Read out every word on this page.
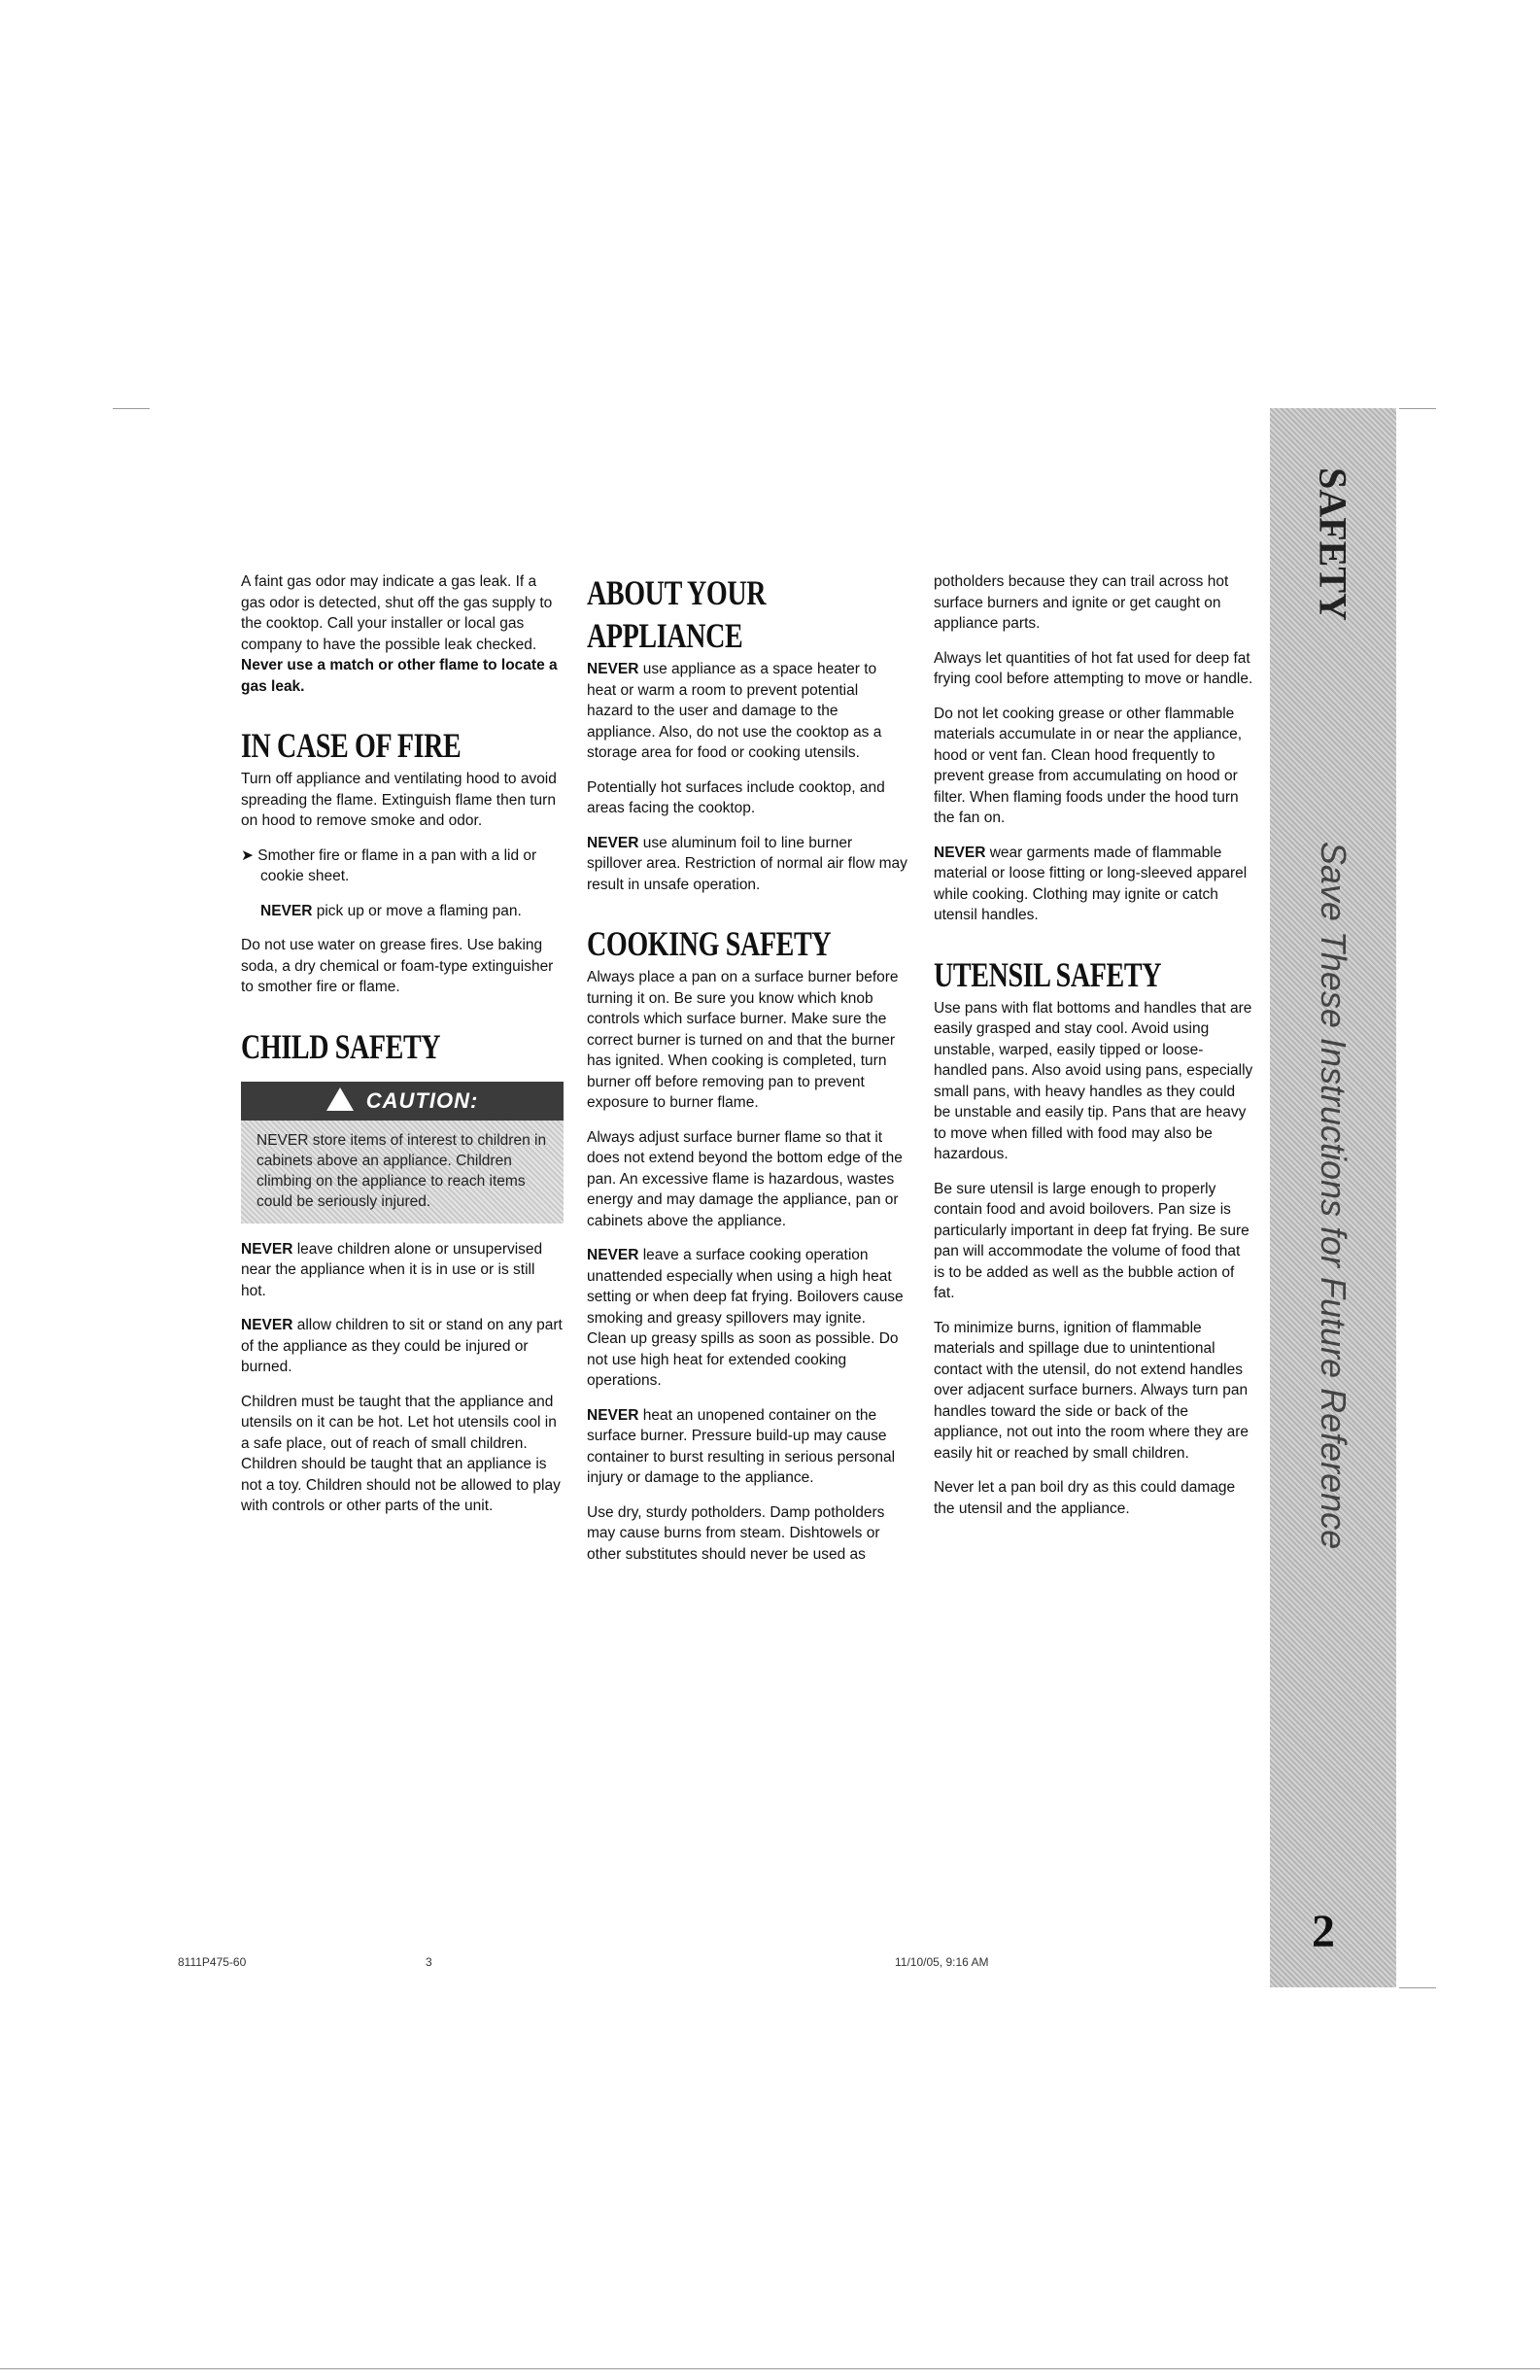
A faint gas odor may indicate a gas leak. If a gas odor is detected, shut off the gas supply to the cooktop. Call your installer or local gas company to have the possible leak checked. Never use a match or other flame to locate a gas leak.

IN CASE OF FIRE

Turn off appliance and ventilating hood to avoid spreading the flame. Extinguish flame then turn on hood to remove smoke and odor.

➤ Smother fire or flame in a pan with a lid or cookie sheet.

NEVER pick up or move a flaming pan.

Do not use water on grease fires. Use baking soda, a dry chemical or foam-type extinguisher to smother fire or flame.

CHILD SAFETY
CAUTION:
NEVER store items of interest to children in cabinets above an appliance. Children climbing on the appliance to reach items could be seriously injured.

NEVER leave children alone or unsupervised near the appliance when it is in use or is still hot.

NEVER allow children to sit or stand on any part of the appliance as they could be injured or burned.

Children must be taught that the appliance and utensils on it can be hot. Let hot utensils cool in a safe place, out of reach of small children. Children should be taught that an appliance is not a toy. Children should not be allowed to play with controls or other parts of the unit.

ABOUT YOUR APPLIANCE

NEVER use appliance as a space heater to heat or warm a room to prevent potential hazard to the user and damage to the appliance. Also, do not use the cooktop as a storage area for food or cooking utensils.

Potentially hot surfaces include cooktop, and areas facing the cooktop.

NEVER use aluminum foil to line burner spillover area. Restriction of normal air flow may result in unsafe operation.

COOKING SAFETY

Always place a pan on a surface burner before turning it on. Be sure you know which knob controls which surface burner. Make sure the correct burner is turned on and that the burner has ignited. When cooking is completed, turn burner off before removing pan to prevent exposure to burner flame.

Always adjust surface burner flame so that it does not extend beyond the bottom edge of the pan. An excessive flame is hazardous, wastes energy and may damage the appliance, pan or cabinets above the appliance.

NEVER leave a surface cooking operation unattended especially when using a high heat setting or when deep fat frying. Boilovers cause smoking and greasy spillovers may ignite. Clean up greasy spills as soon as possible. Do not use high heat for extended cooking operations.

NEVER heat an unopened container on the surface burner. Pressure build-up may cause container to burst resulting in serious personal injury or damage to the appliance.

Use dry, sturdy potholders. Damp potholders may cause burns from steam. Dishtowels or other substitutes should never be used as

potholders because they can trail across hot surface burners and ignite or get caught on appliance parts.

Always let quantities of hot fat used for deep fat frying cool before attempting to move or handle.

Do not let cooking grease or other flammable materials accumulate in or near the appliance, hood or vent fan. Clean hood frequently to prevent grease from accumulating on hood or filter. When flaming foods under the hood turn the fan on.

NEVER wear garments made of flammable material or loose fitting or long-sleeved apparel while cooking. Clothing may ignite or catch utensil handles.

UTENSIL SAFETY

Use pans with flat bottoms and handles that are easily grasped and stay cool. Avoid using unstable, warped, easily tipped or loose-handled pans. Also avoid using pans, especially small pans, with heavy handles as they could be unstable and easily tip. Pans that are heavy to move when filled with food may also be hazardous.

Be sure utensil is large enough to properly contain food and avoid boilovers. Pan size is particularly important in deep fat frying. Be sure pan will accommodate the volume of food that is to be added as well as the bubble action of fat.

To minimize burns, ignition of flammable materials and spillage due to unintentional contact with the utensil, do not extend handles over adjacent surface burners. Always turn pan handles toward the side or back of the appliance, not out into the room where they are easily hit or reached by small children.

Never let a pan boil dry as this could damage the utensil and the appliance.

SAFETY
Save These Instructions for Future Reference
2
8111P475-60	3	11/10/05, 9:16 AM
